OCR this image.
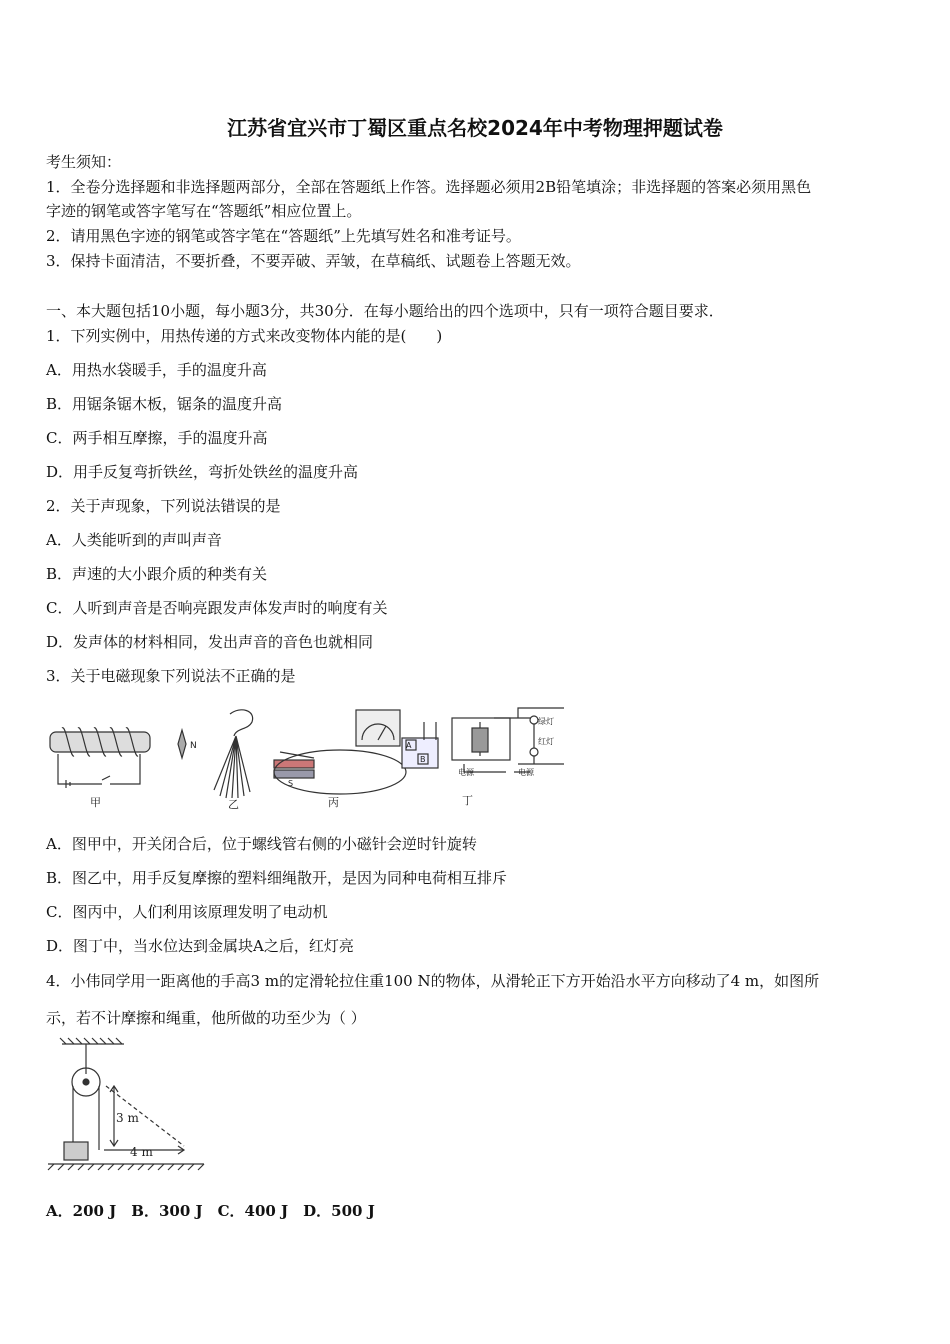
江苏省宜兴市丁蜀区重点名校2024年中考物理押题试卷
考生须知：
1．全卷分选择题和非选择题两部分，全部在答题纸上作答。选择题必须用2B铅笔填涂；非选择题的答案必须用黑色
字迹的钢笔或答字笔写在“答题纸”相应位置上。
2．请用黑色字迹的钢笔或答字笔在“答题纸”上先填写姓名和准考证号。
3．保持卡面清洁，不要折叠，不要弄破、弄皱，在草稿纸、试题卷上答题无效。
一、本大题包括10小题，每小题3分，共30分．在每小题给出的四个选项中，只有一项符合题目要求．
1．下列实例中，用热传递的方式来改变物体内能的是(　　)
A．用热水袋暖手，手的温度升高
B．用锯条锯木板，锯条的温度升高
C．两手相互摩擦，手的温度升高
D．用手反复弯折铁丝，弯折处铁丝的温度升高
2．关于声现象，下列说法错误的是
A．人类能听到的声叫声音
B．声速的大小跟介质的种类有关
C．人听到声音是否响亮跟发声体发声时的响度有关
D．发声体的材料相同，发出声音的音色也就相同
3．关于电磁现象下列说法不正确的是
甲	乙	丙	丁
N
S
A
B
电源	电源
绿灯
红灯
A．图甲中，开关闭合后，位于螺线管右侧的小磁针会逆时针旋转
B．图乙中，用手反复摩擦的塑料细绳散开，是因为同种电荷相互排斥
C．图丙中，人们利用该原理发明了电动机
D．图丁中，当水位达到金属块A之后，红灯亮
4．小伟同学用一距离他的手高3 m的定滑轮拉住重100 N的物体，从滑轮正下方开始沿水平方向移动了4 m，如图所
示，若不计摩擦和绳重，他所做的功至少为（ ）
3 m
4 m
A．200 J　B．300 J　C．400 J　D．500 J
